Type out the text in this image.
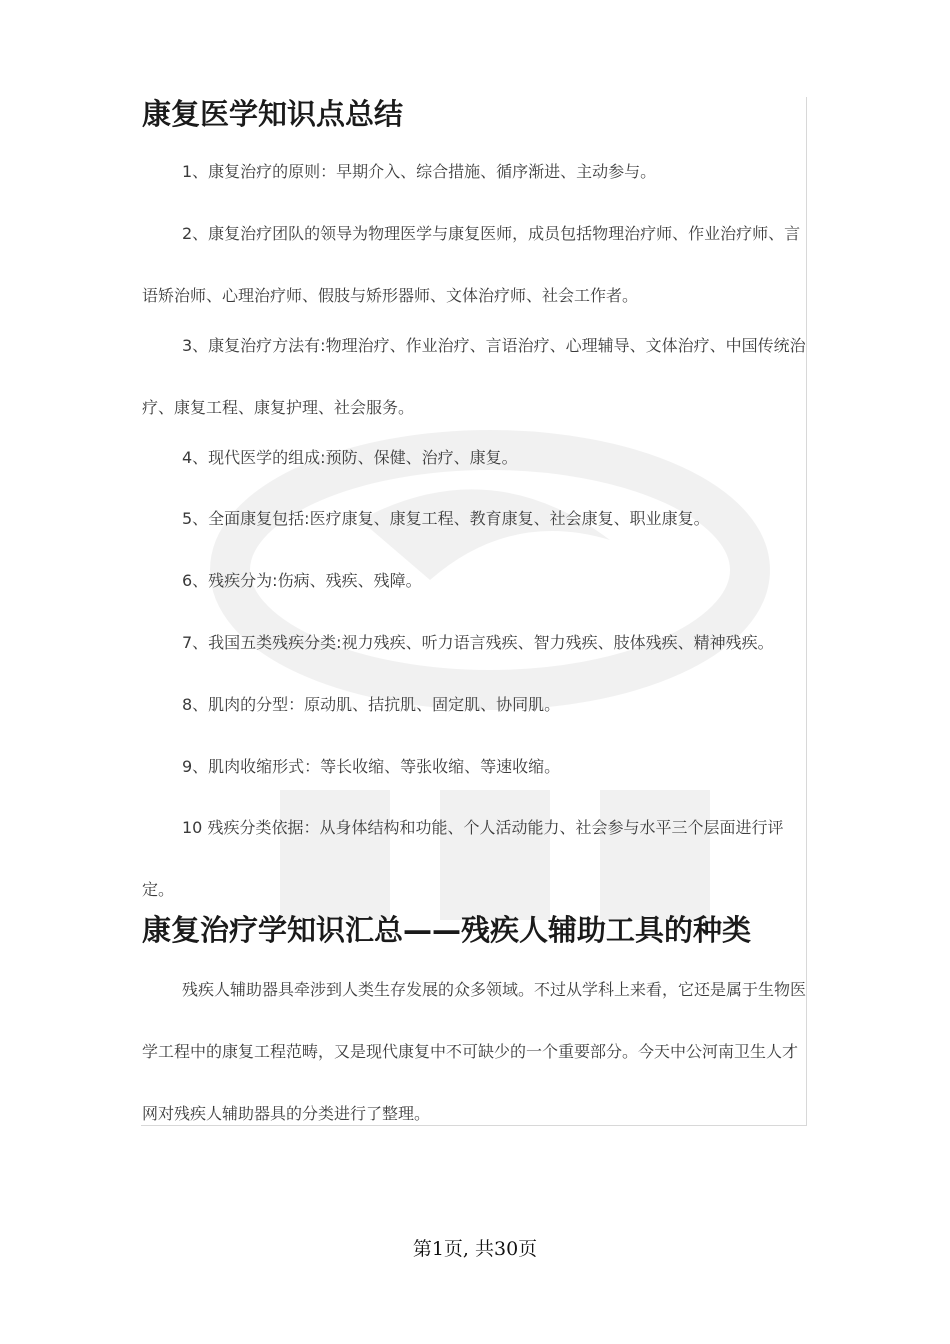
康复医学知识点总结

1、康复治疗的原则：早期介入、综合措施、循序渐进、主动参与。

2、康复治疗团队的领导为物理医学与康复医师，成员包括物理治疗师、作业治疗师、言语矫治师、心理治疗师、假肢与矫形器师、文体治疗师、社会工作者。

3、康复治疗方法有:物理治疗、作业治疗、言语治疗、心理辅导、文体治疗、中国传统治疗、康复工程、康复护理、社会服务。

4、现代医学的组成:预防、保健、治疗、康复。

5、全面康复包括:医疗康复、康复工程、教育康复、社会康复、职业康复。

6、残疾分为:伤病、残疾、残障。

7、我国五类残疾分类:视力残疾、听力语言残疾、智力残疾、肢体残疾、精神残疾。

8、肌肉的分型：原动肌、拮抗肌、固定肌、协同肌。

9、肌肉收缩形式：等长收缩、等张收缩、等速收缩。

10 残疾分类依据：从身体结构和功能、个人活动能力、社会参与水平三个层面进行评定。

康复治疗学知识汇总——残疾人辅助工具的种类

残疾人辅助器具牵涉到人类生存发展的众多领域。不过从学科上来看，它还是属于生物医学工程中的康复工程范畴，又是现代康复中不可缺少的一个重要部分。今天中公河南卫生人才网对残疾人辅助器具的分类进行了整理。

第1页, 共30页
